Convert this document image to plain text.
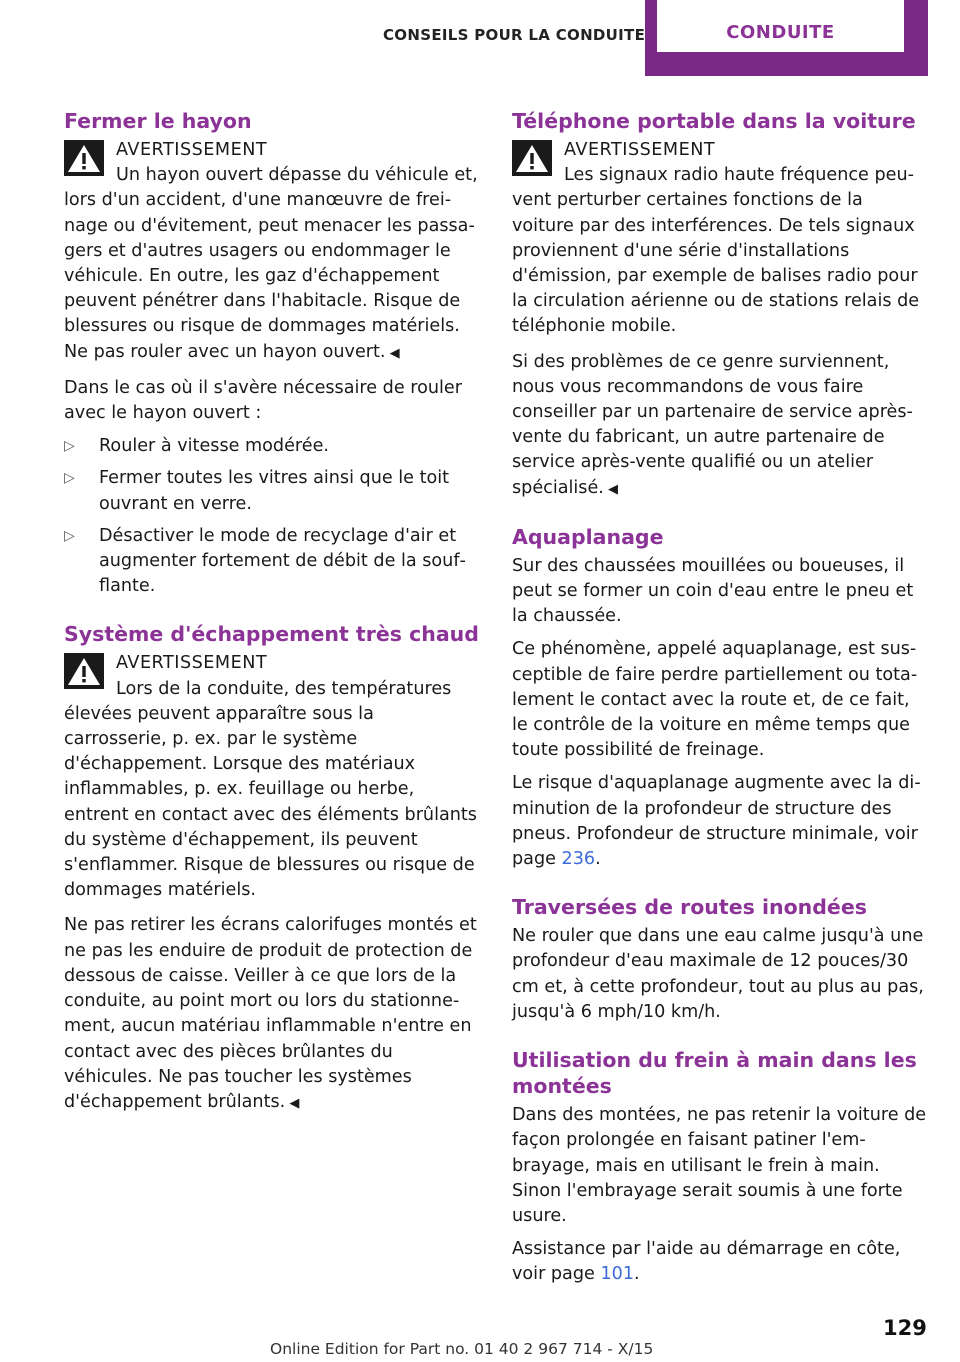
CONSEILS POUR LA CONDUITE	CONDUITE
Fermer le hayon
AVERTISSEMENT
Un hayon ouvert dépasse du véhicule et, lors d'un accident, d'une manœuvre de freinage ou d'évitement, peut menacer les passagers et d'autres usagers ou endommager le véhicule. En outre, les gaz d'échappement peuvent pénétrer dans l'habitacle. Risque de blessures ou risque de dommages matériels. Ne pas rouler avec un hayon ouvert. ◀

Dans le cas où il s'avère nécessaire de rouler avec le hayon ouvert :

▷ Rouler à vitesse modérée.
▷ Fermer toutes les vitres ainsi que le toit ouvrant en verre.
▷ Désactiver le mode de recyclage d'air et augmenter fortement de débit de la soufflante.
Système d'échappement très chaud
AVERTISSEMENT
Lors de la conduite, des températures élevées peuvent apparaître sous la carrosserie, p. ex. par le système d'échappement. Lorsque des matériaux inflammables, p. ex. feuillage ou herbe, entrent en contact avec des éléments brûlants du système d'échappement, ils peuvent s'enflammer. Risque de blessures ou risque de dommages matériels.

Ne pas retirer les écrans calorifuges montés et ne pas les enduire de produit de protection de dessous de caisse. Veiller à ce que lors de la conduite, au point mort ou lors du stationnement, aucun matériau inflammable n'entre en contact avec des pièces brûlantes du véhicules. Ne pas toucher les systèmes d'échappement brûlants. ◀

Téléphone portable dans la voiture
AVERTISSEMENT
Les signaux radio haute fréquence peuvent perturber certaines fonctions de la voiture par des interférences. De tels signaux proviennent d'une série d'installations d'émission, par exemple de balises radio pour la circulation aérienne ou de stations relais de téléphonie mobile.

Si des problèmes de ce genre surviennent, nous vous recommandons de vous faire conseiller par un partenaire de service après-vente du fabricant, un autre partenaire de service après-vente qualifié ou un atelier spécialisé. ◀

Aquaplanage

Sur des chaussées mouillées ou boueuses, il peut se former un coin d'eau entre le pneu et la chaussée.

Ce phénomène, appelé aquaplanage, est susceptible de faire perdre partiellement ou totalement le contact avec la route et, de ce fait, le contrôle de la voiture en même temps que toute possibilité de freinage.

Le risque d'aquaplanage augmente avec la diminution de la profondeur de structure des pneus. Profondeur de structure minimale, voir page 236.

Traversées de routes inondées

Ne rouler que dans une eau calme jusqu'à une profondeur d'eau maximale de 12 pouces/30 cm et, à cette profondeur, tout au plus au pas, jusqu'à 6 mph/10 km/h.

Utilisation du frein à main dans les montées

Dans des montées, ne pas retenir la voiture de façon prolongée en faisant patiner l'embrayage, mais en utilisant le frein à main. Sinon l'embrayage serait soumis à une forte usure.

Assistance par l'aide au démarrage en côte, voir page 101.

129
Online Edition for Part no. 01 40 2 967 714 - X/15
